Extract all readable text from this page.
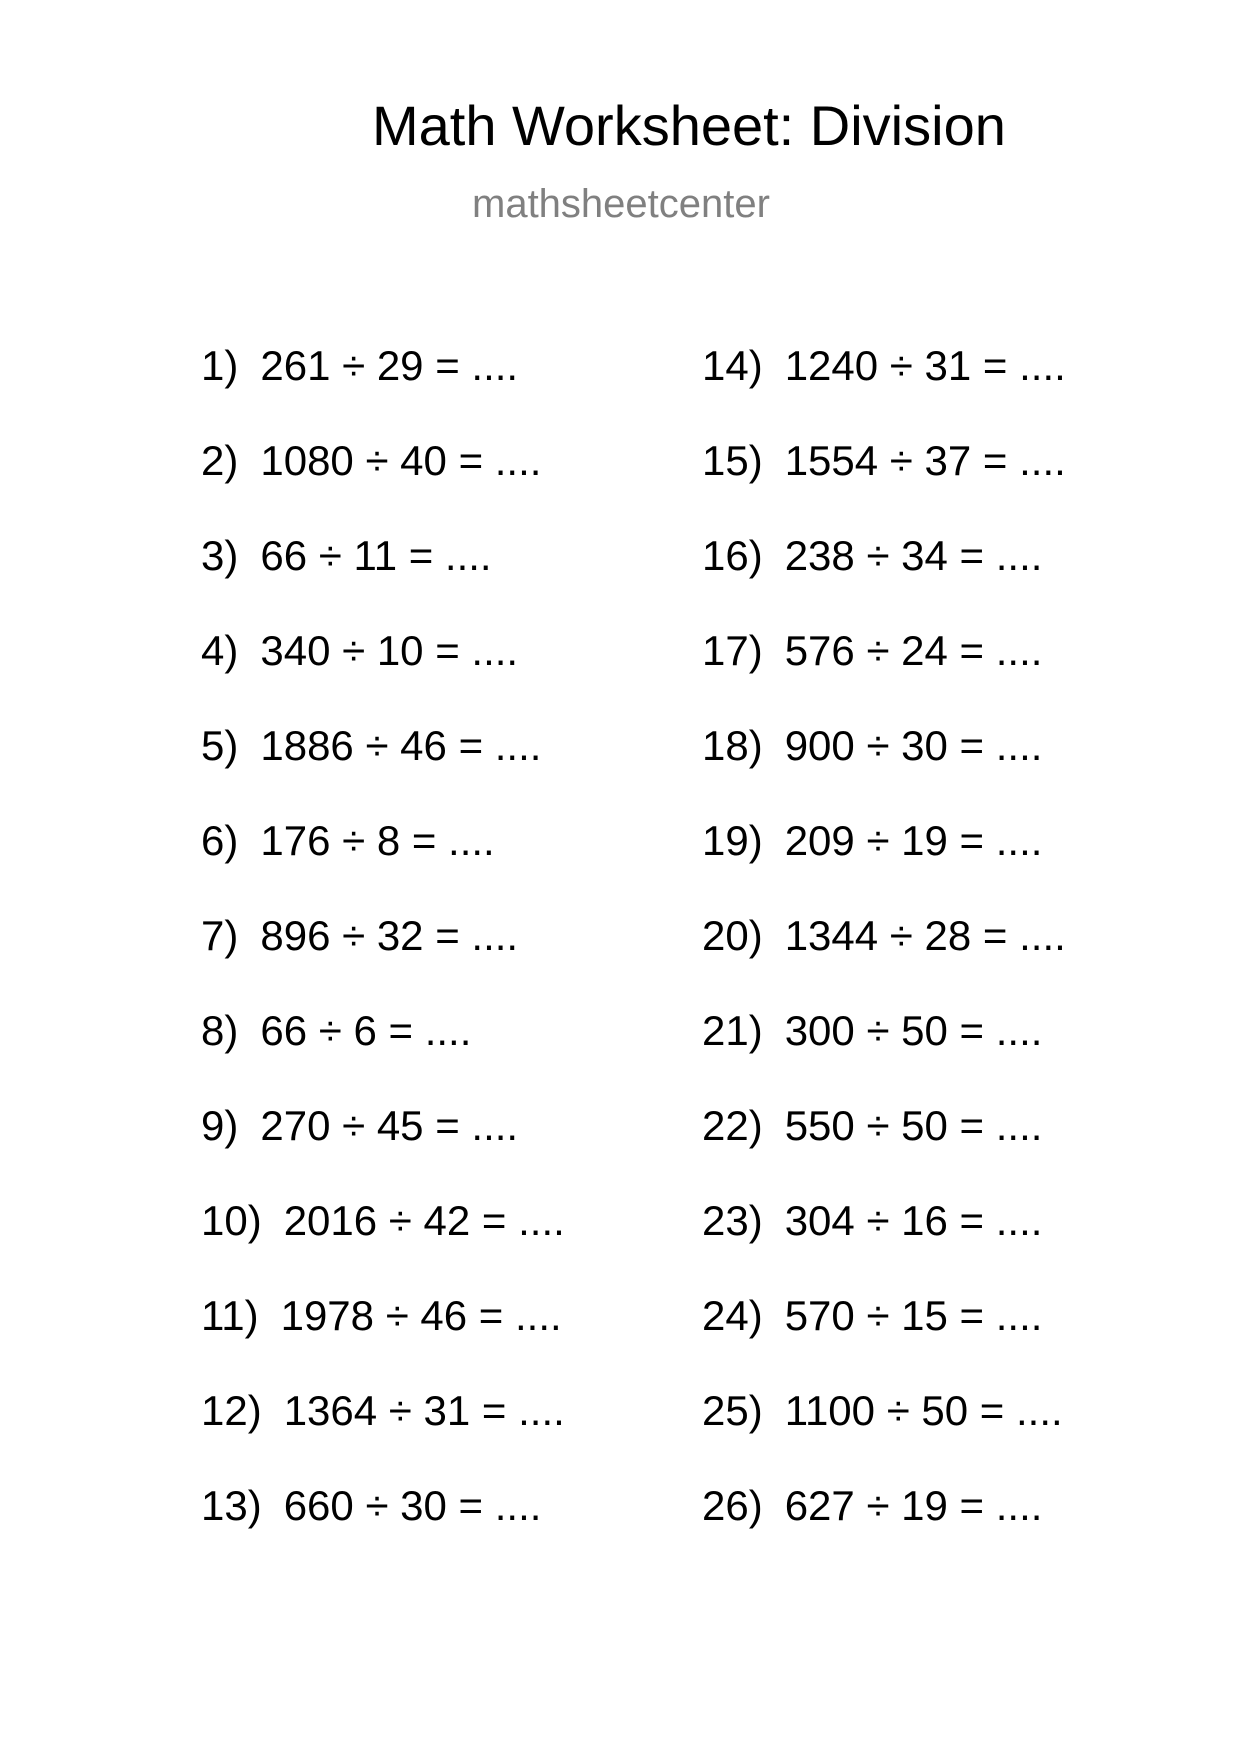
Math Worksheet: Division
mathsheetcenter
1) 261 ÷ 29 = ....
2) 1080 ÷ 40 = ....
3) 66 ÷ 11 = ....
4) 340 ÷ 10 = ....
5) 1886 ÷ 46 = ....
6) 176 ÷ 8 = ....
7) 896 ÷ 32 = ....
8) 66 ÷ 6 = ....
9) 270 ÷ 45 = ....
10) 2016 ÷ 42 = ....
11) 1978 ÷ 46 = ....
12) 1364 ÷ 31 = ....
13) 660 ÷ 30 = ....
14) 1240 ÷ 31 = ....
15) 1554 ÷ 37 = ....
16) 238 ÷ 34 = ....
17) 576 ÷ 24 = ....
18) 900 ÷ 30 = ....
19) 209 ÷ 19 = ....
20) 1344 ÷ 28 = ....
21) 300 ÷ 50 = ....
22) 550 ÷ 50 = ....
23) 304 ÷ 16 = ....
24) 570 ÷ 15 = ....
25) 1100 ÷ 50 = ....
26) 627 ÷ 19 = ....
